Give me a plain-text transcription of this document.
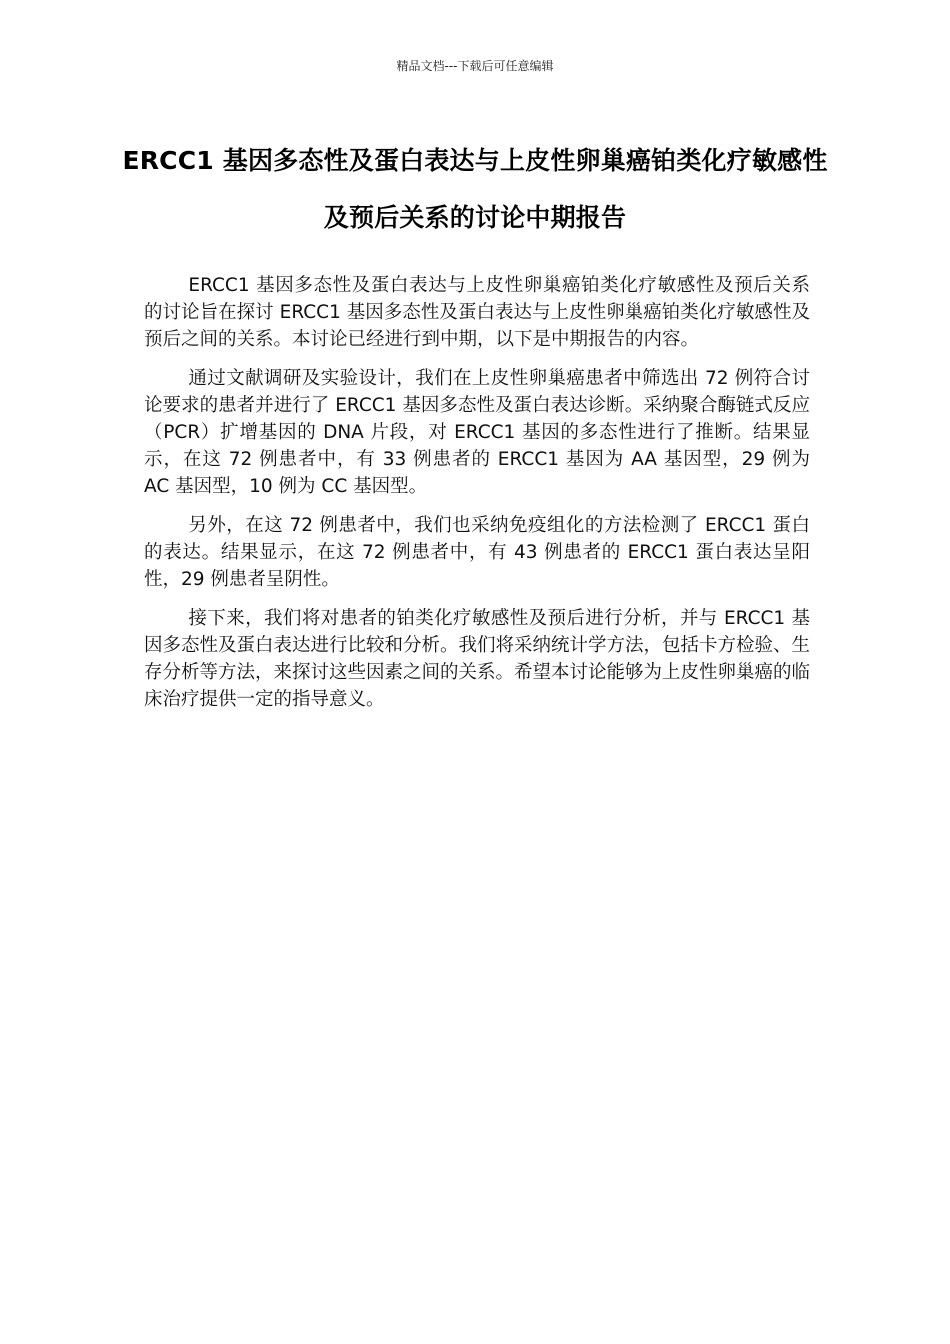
精品文档---下载后可任意编辑
ERCC1 基因多态性及蛋白表达与上皮性卵巢癌铂类化疗敏感性及预后关系的讨论中期报告

ERCC1 基因多态性及蛋白表达与上皮性卵巢癌铂类化疗敏感性及预后关系的讨论旨在探讨 ERCC1 基因多态性及蛋白表达与上皮性卵巢癌铂类化疗敏感性及预后之间的关系。本讨论已经进行到中期，以下是中期报告的内容。

通过文献调研及实验设计，我们在上皮性卵巢癌患者中筛选出 72 例符合讨论要求的患者并进行了 ERCC1 基因多态性及蛋白表达诊断。采纳聚合酶链式反应（PCR）扩增基因的 DNA 片段，对 ERCC1 基因的多态性进行了推断。结果显示，在这 72 例患者中，有 33 例患者的 ERCC1 基因为 AA 基因型，29 例为 AC 基因型，10 例为 CC 基因型。

另外，在这 72 例患者中，我们也采纳免疫组化的方法检测了 ERCC1 蛋白的表达。结果显示，在这 72 例患者中，有 43 例患者的 ERCC1 蛋白表达呈阳性，29 例患者呈阴性。

接下来，我们将对患者的铂类化疗敏感性及预后进行分析，并与 ERCC1 基因多态性及蛋白表达进行比较和分析。我们将采纳统计学方法，包括卡方检验、生存分析等方法，来探讨这些因素之间的关系。希望本讨论能够为上皮性卵巢癌的临床治疗提供一定的指导意义。
